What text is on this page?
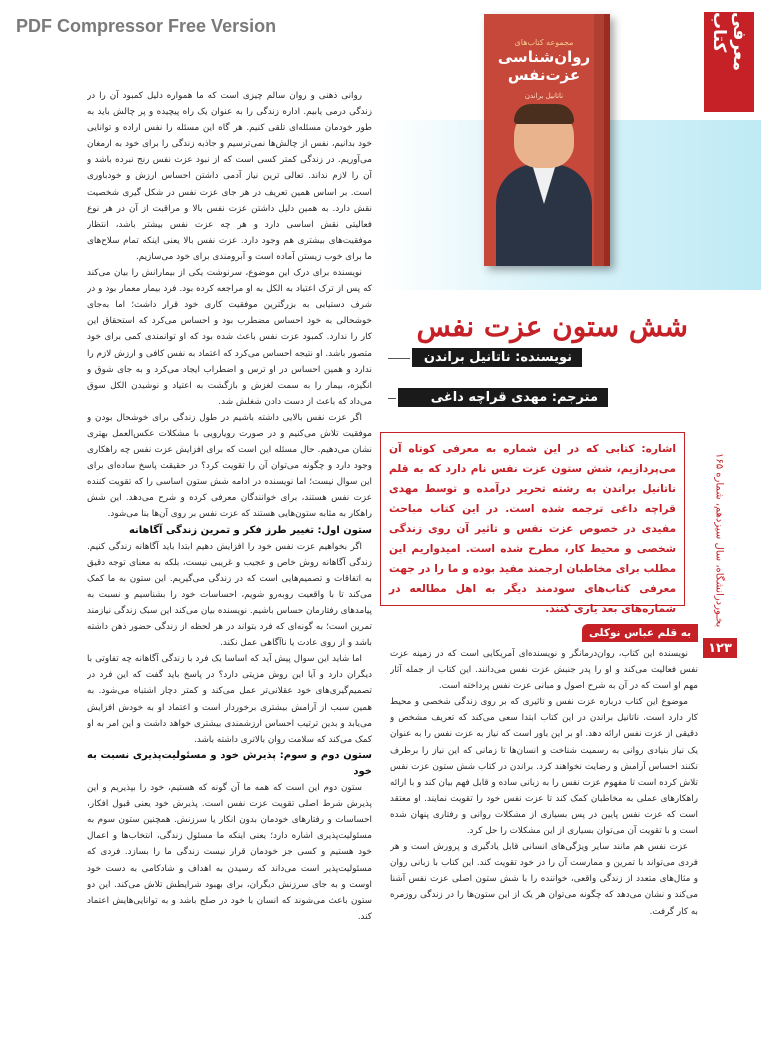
PDF Compressor Free Version	معرفی کتاب
مجموعه کتاب‌های
روان‌شناسی عزت‌نفس
ناتانیل براندن
شش ستون عزت نفس
نویسنده: ناتانیل براندن
مترجم: مهدی قراچه داغی

اشاره: کتابی که در این شماره به معرفی کوتاه آن می‌پردازیم، شش ستون عزت نفس نام دارد که به قلم ناتانیل براندن به رشته تحریر درآمده و توسط مهدی قراچه داغی ترجمه شده است. در این کتاب مباحث مفیدی در خصوص عزت نفس و تاثیر آن روی زندگی شخصی و محیط کار، مطرح شده است. امیدواریم این مطلب برای مخاطبان ارجمند مفید بوده و ما را در جهت معرفی کتاب‌های سودمند دیگر به اهل مطالعه در شماره‌های بعد یاری کنند.

بخـوردرانشگاه، سال سیزدهم، شماره ۱۶۵
۱۲۳
به قلم عباس نوکلی

روانی ذهنی و روان سالم چیزی است که ما همواره دلیل کمبود آن را در زندگی درمی یابیم. اداره زندگی را به عنوان یک راه پیچیده و پر چالش باید به طور خودمان مسئله‌ای تلقی کنیم. هر گاه این مسئله را نفس اراده و توانایی خود بدانیم، نفس از چالش‌ها نمی‌ترسیم و جاذبه زندگی را برای خود به ارمغان می‌آوریم. در زندگی کمتر کسی است که از نبود عزت نفس رنج نبرده باشد و آن را لازم نداند. تعالی ترین نیاز آدمی داشتن احساس ارزش و خودباوری است. بر اساس همین تعریف در هر جای عزت نفس در شکل گیری شخصیت نقش دارد. به همین دلیل داشتن عزت نفس بالا و مراقبت از آن در هر نوع فعالیتی نقش اساسی دارد و هر چه عزت نفس بیشتر باشد، انتظار موفقیت‌های بیشتری هم وجود دارد. عزت نفس بالا یعنی اینکه تمام سلاح‌های ما برای خوب زیستن آماده است و آبرومندی برای خود می‌سازیم.

نویسنده برای درک این موضوع، سرنوشت یکی از بیمارانش را بیان می‌کند که پس از ترک اعتیاد به الکل به او مراجعه کرده بود. فرد بیمار معمار بود و در شرف دستیابی به بزرگترین موفقیت کاری خود قرار داشت؛ اما به‌جای خوشحالی به خود احساس مضطرب بود و احساس می‌کرد که استحقاق این کار را ندارد. کمبود عزت نفس باعث شده بود که او توانمندی کمی برای خود متصور باشد. او نتیجه احساس می‌کرد که اعتماد به نفس کافی و ارزش لازم را ندارد و همین احساس در او ترس و اضطراب ایجاد می‌کرد و به جای شوق و انگیزه، بیمار را به سمت لغزش و بازگشت به اعتیاد و نوشیدن الکل سوق می‌داد که باعث از دست دادن شغلش شد.

اگر عزت نفس بالایی داشته باشیم در طول زندگی برای خوشحال بودن و موفقیت تلاش می‌کنیم و در صورت رویارویی با مشکلات عکس‌العمل بهتری نشان می‌دهیم. حال مسئله این است که برای افزایش عزت نفس چه راهکاری وجود دارد و چگونه می‌توان آن را تقویت کرد؟ در حقیقت پاسخ ساده‌ای برای این سوال نیست؛ اما نویسنده در ادامه شش ستون اساسی را که تقویت کننده عزت نفس هستند، برای خوانندگان معرفی کرده و شرح می‌دهد. این شش راهکار به مثابه ستون‌هایی هستند که عزت نفس بر روی آن‌ها بنا می‌شود.

ستون اول: تغییر طرز فکر و تمرین زندگی آگاهانه

اگر بخواهیم عزت نفس خود را افزایش دهیم ابتدا باید آگاهانه زندگی کنیم. زندگی آگاهانه روش خاص و عجیب و غریبی نیست، بلکه به معنای توجه دقیق به اتفاقات و تصمیم‌هایی است که در زندگی می‌گیریم. این ستون به ما کمک می‌کند تا با واقعیت روبه‌رو شویم، احساسات خود را بشناسیم و نسبت به پیامدهای رفتارمان حساس باشیم. نویسنده بیان می‌کند این سبک زندگی نیازمند تمرین است؛ به گونه‌ای که فرد بتواند در هر لحظه از زندگی حضور ذهن داشته باشد و از روی عادت یا ناآگاهی عمل نکند.

اما شاید این سوال پیش آید که اساسا یک فرد با زندگی آگاهانه چه تفاوتی با دیگران دارد و آیا این روش مزیتی دارد؟ در پاسخ باید گفت که این فرد در تصمیم‌گیری‌های خود عقلانی‌تر عمل می‌کند و کمتر دچار اشتباه می‌شود. به همین سبب از آرامش بیشتری برخوردار است و اعتماد او به خودش افزایش می‌یابد و بدین ترتیب احساس ارزشمندی بیشتری خواهد داشت و این امر به او کمک می‌کند که سلامت روان بالاتری داشته باشد.

ستون دوم و سوم: پذیرش خود و مسئولیت‌پذیری نسبت به خود

ستون دوم این است که همه ما آن گونه که هستیم، خود را بپذیریم و این پذیرش شرط اصلی تقویت عزت نفس است. پذیرش خود یعنی قبول افکار، احساسات و رفتارهای خودمان بدون انکار یا سرزنش. همچنین ستون سوم به مسئولیت‌پذیری اشاره دارد؛ یعنی اینکه ما مسئول زندگی، انتخاب‌ها و اعمال خود هستیم و کسی جز خودمان قرار نیست زندگی ما را بسازد. فردی که مسئولیت‌پذیر است می‌داند که رسیدن به اهداف و شادکامی به دست خود اوست و به جای سرزنش دیگران، برای بهبود شرایطش تلاش می‌کند. این دو ستون باعث می‌شوند که انسان با خود در صلح باشد و به توانایی‌هایش اعتماد کند.

نویسنده این کتاب، روان‌درمانگر و نویسنده‌ای آمریکایی است که در زمینه عزت نفس فعالیت می‌کند و او را پدر جنبش عزت نفس می‌دانند. این کتاب از جمله آثار مهم او است که در آن به شرح اصول و مبانی عزت نفس پرداخته است.

موضوع این کتاب درباره عزت نفس و تاثیری که بر روی زندگی شخصی و محیط کار دارد است. ناتانیل براندن در این کتاب ابتدا سعی می‌کند که تعریف مشخص و دقیقی از عزت نفس ارائه دهد. او بر این باور است که نیاز به عزت نفس را به عنوان یک نیاز بنیادی روانی به رسمیت شناخت و انسان‌ها تا زمانی که این نیاز را برطرف نکنند احساس آرامش و رضایت نخواهند کرد. براندن در کتاب شش ستون عزت نفس تلاش کرده است تا مفهوم عزت نفس را به زبانی ساده و قابل فهم بیان کند و با ارائه راهکارهای عملی به مخاطبان کمک کند تا عزت نفس خود را تقویت نمایند. او معتقد است که عزت نفس پایین در پس بسیاری از مشکلات روانی و رفتاری پنهان شده است و با تقویت آن می‌توان بسیاری از این مشکلات را حل کرد.

عزت نفس هم مانند سایر ویژگی‌های انسانی قابل یادگیری و پرورش است و هر فردی می‌تواند با تمرین و ممارست آن را در خود تقویت کند. این کتاب با زبانی روان و مثال‌های متعدد از زندگی واقعی، خواننده را با شش ستون اصلی عزت نفس آشنا می‌کند و نشان می‌دهد که چگونه می‌توان هر یک از این ستون‌ها را در زندگی روزمره به کار گرفت.
